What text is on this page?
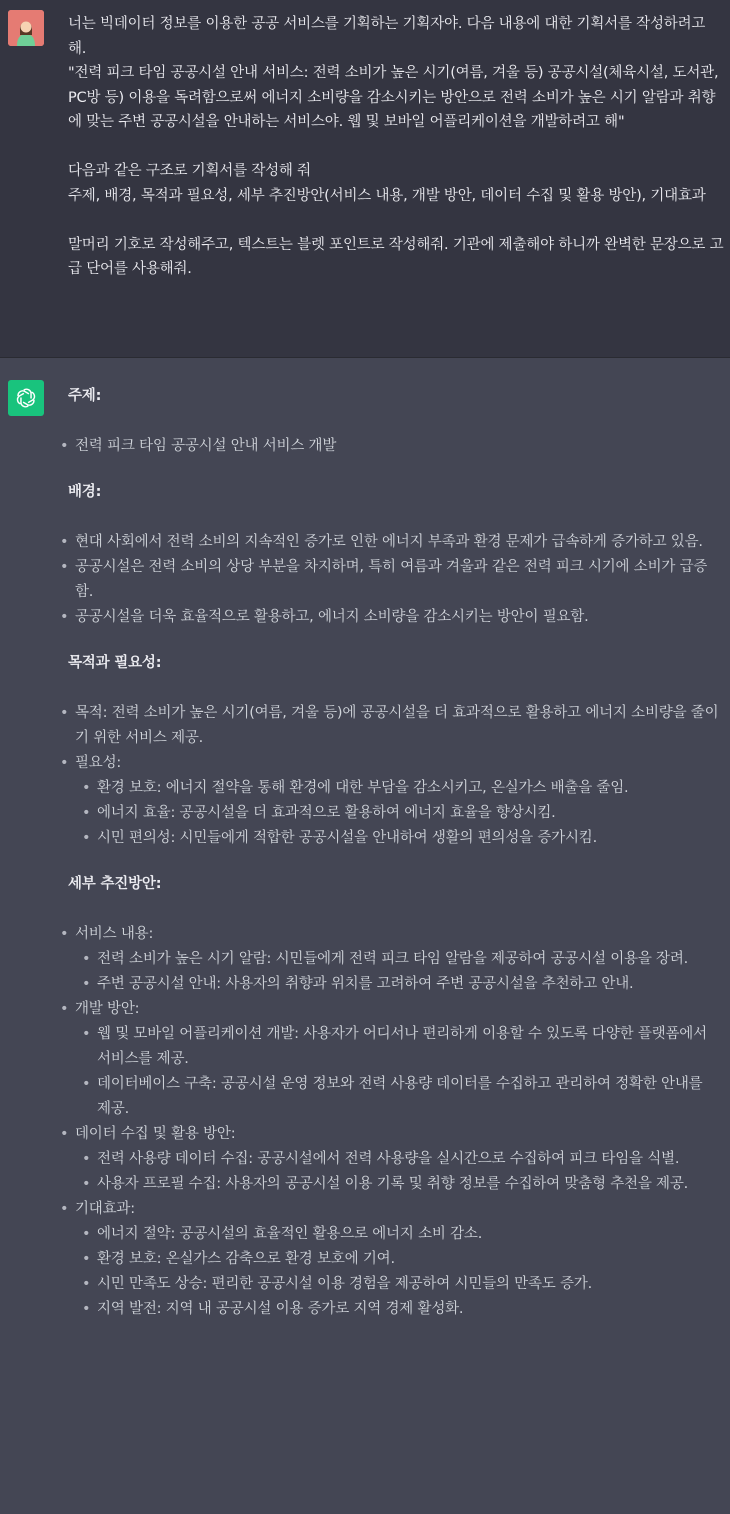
너는 빅데이터 정보를 이용한 공공 서비스를 기획하는 기획자야. 다음 내용에 대한 기획서를 작성하려고 해.

"전력 피크 타임 공공시설 안내 서비스: 전력 소비가 높은 시기(여름, 겨울 등) 공공시설(체육시설, 도서관, PC방 등) 이용을 독려함으로써 에너지 소비량을 감소시키는 방안으로 전력 소비가 높은 시기 알람과 취향에 맞는 주변 공공시설을 안내하는 서비스야. 웹 및 보바일 어플리케이션을 개발하려고 해"

다음과 같은 구조로 기획서를 작성해 줘

주제, 배경, 목적과 필요성, 세부 추진방안(서비스 내용, 개발 방안, 데이터 수집 및 활용 방안), 기대효과

말머리 기호로 작성해주고, 텍스트는 블렛 포인트로 작성해줘. 기관에 제출해야 하니까 완벽한 문장으로 고급 단어를 사용해줘.

주제:
• 전력 피크 타임 공공시설 안내 서비스 개발
배경:
• 현대 사회에서 전력 소비의 지속적인 증가로 인한 에너지 부족과 환경 문제가 급속하게 증가하고 있음.
• 공공시설은 전력 소비의 상당 부분을 차지하며, 특히 여름과 겨울과 같은 전력 피크 시기에 소비가 급증함.
• 공공시설을 더욱 효율적으로 활용하고, 에너지 소비량을 감소시키는 방안이 필요함.
목적과 필요성:
• 목적: 전력 소비가 높은 시기(여름, 겨울 등)에 공공시설을 더 효과적으로 활용하고 에너지 소비량을 줄이기 위한 서비스 제공.
• 필요성:
• 환경 보호: 에너지 절약을 통해 환경에 대한 부담을 감소시키고, 온실가스 배출을 줄임.
• 에너지 효율: 공공시설을 더 효과적으로 활용하여 에너지 효율을 향상시킴.
• 시민 편의성: 시민들에게 적합한 공공시설을 안내하여 생활의 편의성을 증가시킴.
세부 추진방안:
• 서비스 내용:
• 전력 소비가 높은 시기 알람: 시민들에게 전력 피크 타임 알람을 제공하여 공공시설 이용을 장려.
• 주변 공공시설 안내: 사용자의 취향과 위치를 고려하여 주변 공공시설을 추천하고 안내.
• 개발 방안:
• 웹 및 모바일 어플리케이션 개발: 사용자가 어디서나 편리하게 이용할 수 있도록 다양한 플랫폼에서 서비스를 제공.
• 데이터베이스 구축: 공공시설 운영 정보와 전력 사용량 데이터를 수집하고 관리하여 정확한 안내를 제공.
• 데이터 수집 및 활용 방안:
• 전력 사용량 데이터 수집: 공공시설에서 전력 사용량을 실시간으로 수집하여 피크 타임을 식별.
• 사용자 프로필 수집: 사용자의 공공시설 이용 기록 및 취향 정보를 수집하여 맞춤형 추천을 제공.
• 기대효과:
• 에너지 절약: 공공시설의 효율적인 활용으로 에너지 소비 감소.
• 환경 보호: 온실가스 감축으로 환경 보호에 기여.
• 시민 만족도 상승: 편리한 공공시설 이용 경험을 제공하여 시민들의 만족도 증가.
• 지역 발전: 지역 내 공공시설 이용 증가로 지역 경제 활성화.
